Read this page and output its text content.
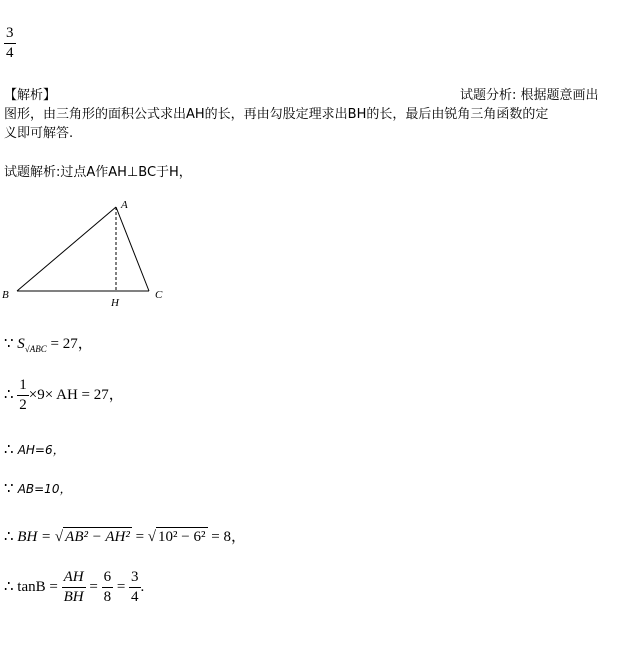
$\frac{3}{4}$
【解析】	试题分析: 根据题意画出
图形，由三角形的面积公式求出AH的长，再由勾股定理求出BH的长，最后由锐角三角函数的定
义即可解答.
试题解析:过点A作AH⊥BC于H，
A
B	C
H
∵ $S_{√ABC} = 27$，
∴ $\frac{1}{2} \times 9\times$ AH = 27，
∴ AH=6，
∵ AB=10，
∴ BH = √ AB² − AH² = √ 10² − 6² = 8，
∴ $\tan B = \frac{AH}{BH} = \frac{6}{8} = \frac{3}{4}$ .
